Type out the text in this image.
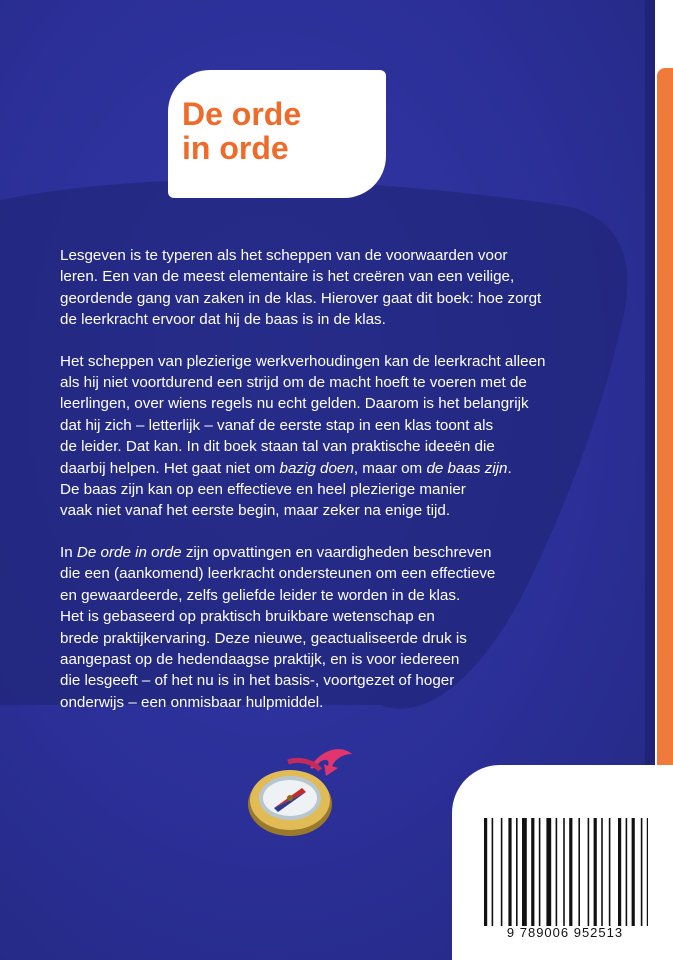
De orde
in orde
Lesgeven is te typeren als het scheppen van de voorwaarden voor
leren. Een van de meest elementaire is het creëren van een veilige,
geordende gang van zaken in de klas. Hierover gaat dit boek: hoe zorgt
de leerkracht ervoor dat hij de baas is in de klas.
Het scheppen van plezierige werkverhoudingen kan de leerkracht alleen
als hij niet voortdurend een strijd om de macht hoeft te voeren met de
leerlingen, over wiens regels nu echt gelden. Daarom is het belangrijk
dat hij zich – letterlijk – vanaf de eerste stap in een klas toont als
de leider. Dat kan. In dit boek staan tal van praktische ideeën die
daarbij helpen. Het gaat niet om bazig doen, maar om de baas zijn.
De baas zijn kan op een effectieve en heel plezierige manier
vaak niet vanaf het eerste begin, maar zeker na enige tijd.
In De orde in orde zijn opvattingen en vaardigheden beschreven
die een (aankomend) leerkracht ondersteunen om een effectieve
en gewaardeerde, zelfs geliefde leider te worden in de klas.
Het is gebaseerd op praktisch bruikbare wetenschap en
brede praktijkervaring. Deze nieuwe, geactualiseerde druk is
aangepast op de hedendaagse praktijk, en is voor iedereen
die lesgeeft – of het nu is in het basis-, voortgezet of hoger
onderwijs – een onmisbaar hulpmiddel.
9 789006 952513
